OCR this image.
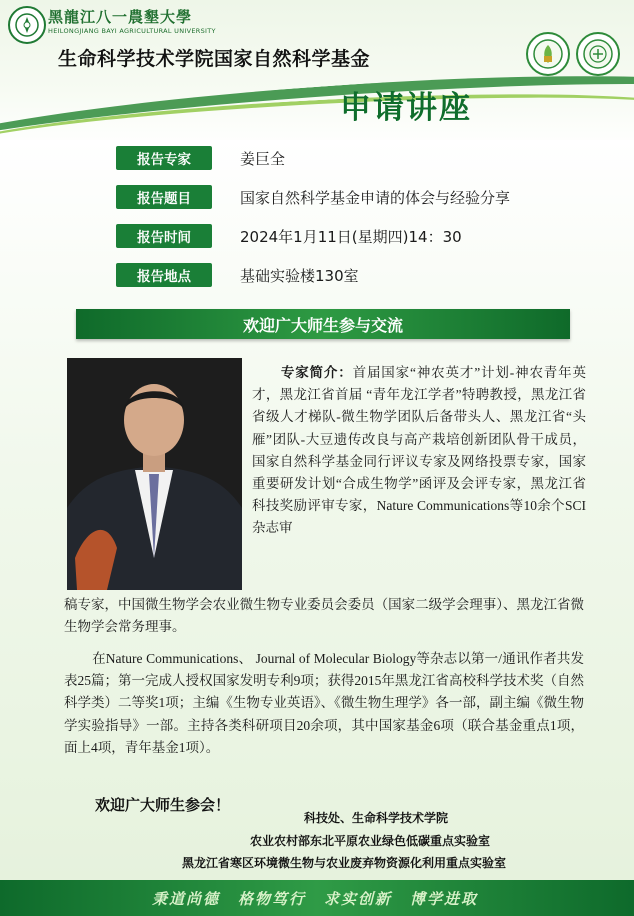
黑龍江八一農墾大學
HEILONGJIANG BAYI AGRICULTURAL UNIVERSITY
生命科学技术学院国家自然科学基金
申请讲座
报告专家	姜巨全
报告题目	国家自然科学基金申请的体会与经验分享
报告时间	2024年1月11日(星期四)14：30
报告地点	基础实验楼130室
欢迎广大师生参与交流
专家简介：首届国家“神农英才”计划-神农青年英才，黑龙江省首届 “青年龙江学者”特聘教授，黑龙江省省级人才梯队-微生物学团队后备带头人、黑龙江省“头雁”团队-大豆遗传改良与高产栽培创新团队骨干成员，国家自然科学基金同行评议专家及网络投票专家，国家重要研发计划“合成生物学”函评及会评专家，黑龙江省科技奖励评审专家，Nature Communications等10余个SCI杂志审
稿专家，中国微生物学会农业微生物专业委员会委员（国家二级学会理事）、黑龙江省微生物学会常务理事。
在Nature Communications、 Journal of Molecular Biology等杂志以第一/通讯作者共发表25篇；第一完成人授权国家发明专利9项；获得2015年黑龙江省高校科学技术奖（自然科学类）二等奖1项；主编《生物专业英语》、《微生物生理学》各一部，副主编《微生物学实验指导》一部。主持各类科研项目20余项，其中国家基金6项（联合基金重点1项，面上4项，青年基金1项）。
欢迎广大师生参会！
科技处、生命科学技术学院
农业农村部东北平原农业绿色低碳重点实验室
黑龙江省寒区环境微生物与农业废弃物资源化利用重点实验室
秉道尚德 格物笃行 求实创新 博学进取
